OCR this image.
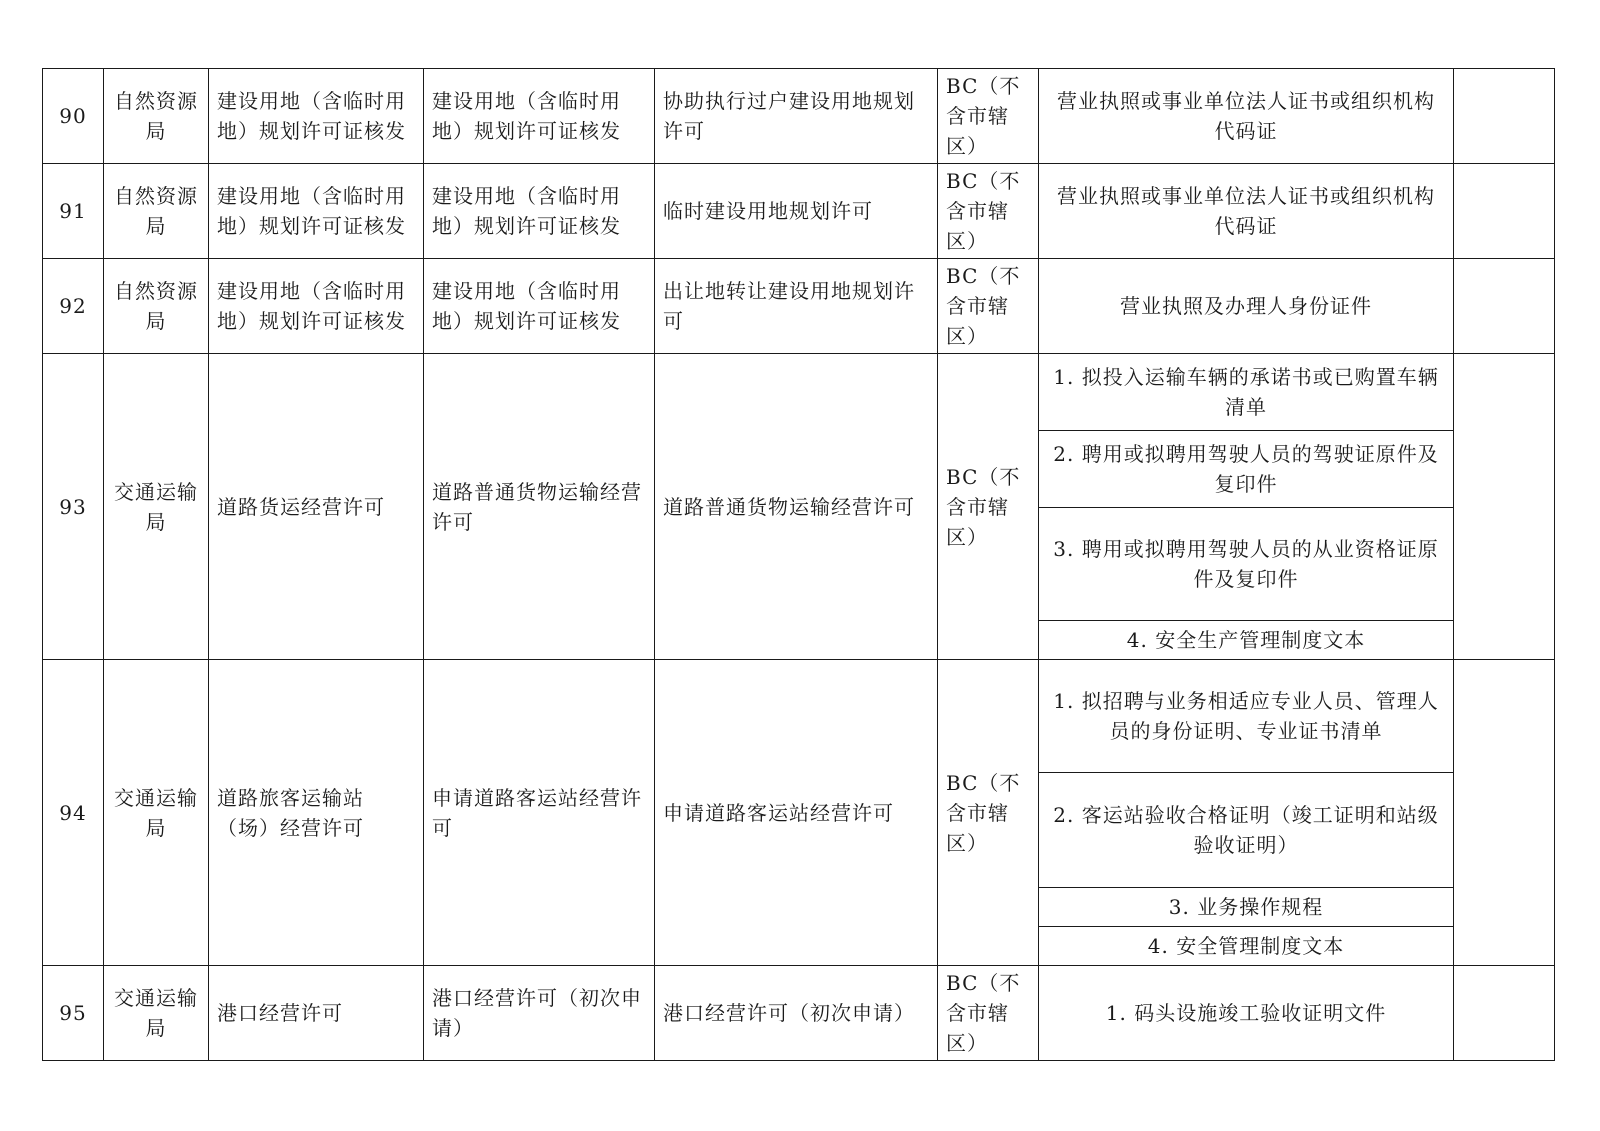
90	自然资源局	建设用地（含临时用地）规划许可证核发	建设用地（含临时用地）规划许可证核发	协助执行过户建设用地规划许可	BC（不含市辖区）	营业执照或事业单位法人证书或组织机构代码证	
91	自然资源局	建设用地（含临时用地）规划许可证核发	建设用地（含临时用地）规划许可证核发	临时建设用地规划许可	BC（不含市辖区）	营业执照或事业单位法人证书或组织机构代码证	
92	自然资源局	建设用地（含临时用地）规划许可证核发	建设用地（含临时用地）规划许可证核发	出让地转让建设用地规划许可	BC（不含市辖区）	营业执照及办理人身份证件	
93	交通运输局	道路货运经营许可	道路普通货物运输经营许可	道路普通货物运输经营许可	BC（不含市辖区）	1. 拟投入运输车辆的承诺书或已购置车辆清单	
						2. 聘用或拟聘用驾驶人员的驾驶证原件及复印件	
						3. 聘用或拟聘用驾驶人员的从业资格证原件及复印件	
						4. 安全生产管理制度文本	
94	交通运输局	道路旅客运输站（场）经营许可	申请道路客运站经营许可	申请道路客运站经营许可	BC（不含市辖区）	1. 拟招聘与业务相适应专业人员、管理人员的身份证明、专业证书清单	
						2. 客运站验收合格证明（竣工证明和站级验收证明）	
						3. 业务操作规程	
						4. 安全管理制度文本	
95	交通运输局	港口经营许可	港口经营许可（初次申请）	港口经营许可（初次申请）	BC（不含市辖区）	1. 码头设施竣工验收证明文件	
